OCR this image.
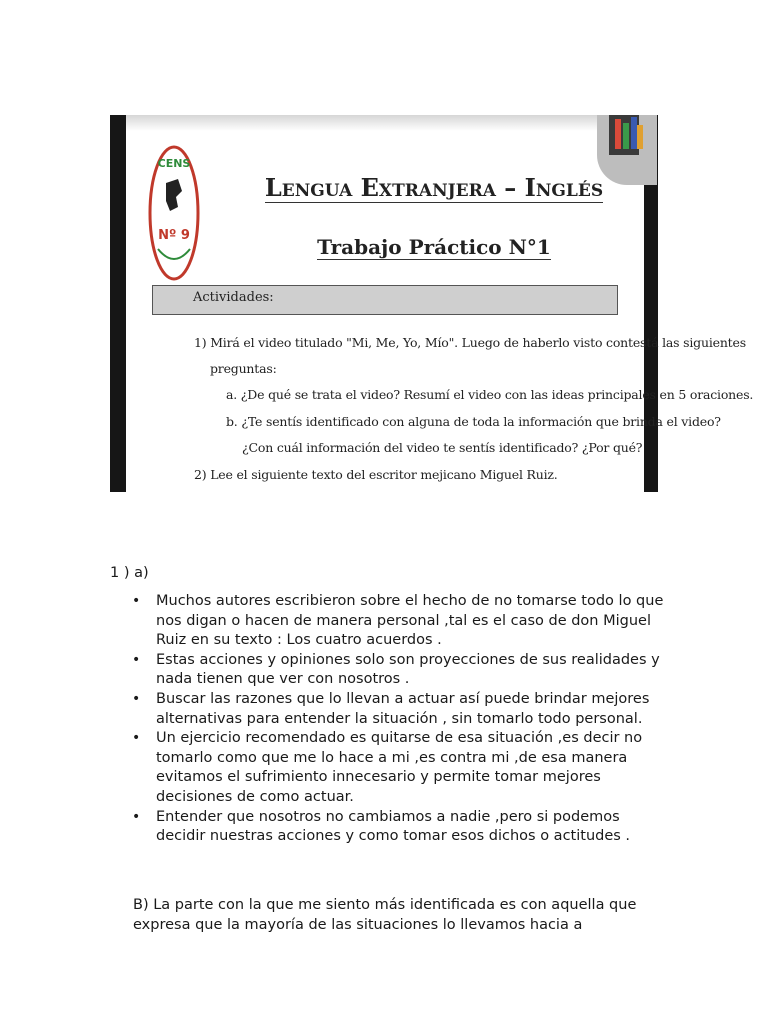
CENS
Nº 9
Lengua Extranjera – Inglés
Trabajo Práctico N°1
Actividades:
1) Mirá el video titulado "Mi, Me, Yo, Mío". Luego de haberlo visto contestá las siguientes
preguntas:
a. ¿De qué se trata el video? Resumí el video con las ideas principales en 5 oraciones.
b. ¿Te sentís identificado con alguna de toda la información que brinda el video?
¿Con cuál información del video te sentís identificado? ¿Por qué?
2) Lee el siguiente texto del escritor mejicano Miguel Ruiz.
1 ) a)
• Muchos autores escribieron sobre el hecho de no tomarse todo lo que nos digan o hacen de manera personal ,tal es el caso de don Miguel Ruiz en su texto : Los cuatro acuerdos .
• Estas acciones y opiniones solo son proyecciones de sus realidades y nada tienen que ver con nosotros .
• Buscar las razones que lo llevan a actuar así puede brindar mejores alternativas para entender la situación , sin tomarlo todo personal.
• Un ejercicio recomendado es quitarse de esa situación ,es decir no tomarlo como que me lo hace a mi ,es contra mi ,de esa manera evitamos el sufrimiento innecesario y permite tomar mejores decisiones de como actuar.
• Entender que nosotros no cambiamos a nadie ,pero si podemos decidir nuestras acciones y como tomar esos dichos o actitudes .
B) La parte con la que me siento más identificada es con aquella que expresa que la mayoría de las situaciones lo llevamos hacia a
